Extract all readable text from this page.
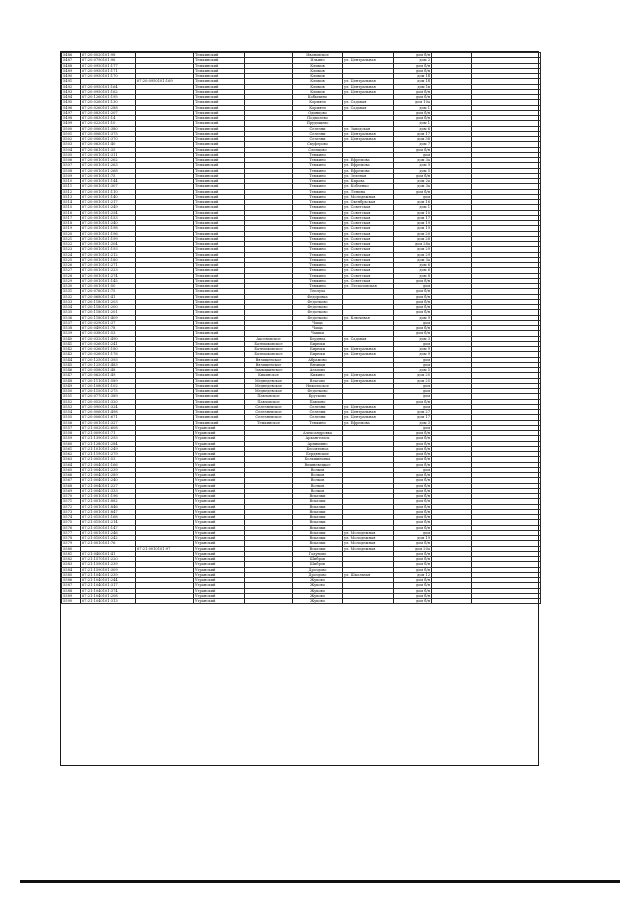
5486	67:20:0020101:98		Темкинский		Ивановское		дом б/н		
5487	67:20:0790101:96		Темкинский		Ильино	ул. Центральная	дом 2		
5488	67:20:0950101:177		Темкинский		Климов		дом б/н		
5489	67:20:0950101:171		Темкинский		Климов		дом б/н		
5490	67:20:0950101:170		Темкинский		Климов		дом 1б		
5491		67:20:0950101:169	Темкинский		Климов	ул. Центральная	дом 1б		
5492	67:20:0950101:164		Темкинский		Климов	ул. Центральная	дом 1в		
5493	67:20:0950101:162		Темкинский		Климов	ул. Центральная	дом б/н		
5494	67:20:1260101:195		Темкинский		Кобылино		дом б/н		
5495	67:20:0260101:130		Темкинский		Кормяги	ул. Садовая	дом 10а		
5496	67:20:0260101:288		Темкинский		Кормяги	ул. Садовая	дом 1		
5497	67:20:0830101:207		Темкинский		Одинцово		дом б/н		
5498	67:20:0830101:14		Темкинский		Подполево		дом б/н		
5499	67:20:0220101:10		Темкинский		Прудищево		дом 1		
5500	67:20:0060101:380		Темкинский		Селезни	ул. Заводская	дом 6		
5501	67:20:0060101:375		Темкинский		Селезни	ул. Центральная	дом 17		
5502	67:20:0060101:370		Темкинский		Селезни	ул. Центральная	дом 38		
5503	67:20:0630101:40		Темкинский		Скуферово		дом 7		
5504	67:20:0610101:35		Темкинский		Слепцово		дом б/н		
5505	67:20:0010101:311		Темкинский		Темкино		дом		
5506	67:20:0010101:262		Темкинский		Темкино	ул. Ефремова	дом 3а		
5507	67:20:0010101:263		Темкинский		Темкино	ул. Ефремова	дом 9		
5508	67:20:0010101:268		Темкинский		Темкино	ул. Ефремова	дом 5		
5509	67:20:0010101:75		Темкинский		Темкино	ул. Зеленая	дом б/н		
5510	67:20:0010101:144		Темкинский		Темкино	ул. Кирова	дом 2а		
5511	67:20:0010101:307		Темкинский		Темкино	ул. Кобзенко	дом 3а		
5512	67:20:0010101:110		Темкинский		Темкино	ул. Ленина	дом б/н		
5513	67:20:0010101:140		Темкинский		Темкино	ул. Молодежная	дом		
5514	67:20:0010101:217		Темкинский		Темкино	ул. Октябрьская	дом 16		
5515	67:20:0010101:249		Темкинский		Темкино	ул. Советская	дом 1		
5516	67:20:0010101:254		Темкинский		Темкино	ул. Советская	дом 10		
5517	67:20:0010101:153		Темкинский		Темкино	ул. Советская	дом 17		
5518	67:20:0010101:240		Темкинский		Темкино	ул. Советская	дом 19		
5519	67:20:0010101:198		Темкинский		Темкино	ул. Советская	дом 19		
5520	67:20:0010101:196		Темкинский		Темкино	ул. Советская	дом 20		
5521	67:20:0010101:199		Темкинский		Темкино	ул. Советская	дом 28		
5522	67:20:0010101:204		Темкинский		Темкино	ул. Советская	дом 28а		
5523	67:20:0010101:193		Темкинский		Темкино	ул. Советская	дом 29		
5524	67:20:0010101:212		Темкинский		Темкино	ул. Советская	дом 29		
5525	67:20:0010101:180		Темкинский		Темкино	ул. Советская	дом 3а		
5526	67:20:0010101:271		Темкинский		Темкино	ул. Советская	дом 6		
5527	67:20:0010101:223		Темкинский		Темкино	ул. Советская	дом 6		
5528	67:20:0010101:274		Темкинский		Темкино	ул. Советская	дом 8		
5529	67:20:0010101:145		Темкинский		Темкино	ул. Советская	дом б/н		
5530	67:20:0010101:50		Темкинский		Темкино	ул. Лесхозовская	дом		
5531	67:20:0760101:75		Темкинский		Теплуха		дом б/н		
5532	67:20:0680101:41		Темкинский		Федоровка		дом б/н		
5533	67:20:1180101:203		Темкинский		Федотково		дом б/н		
5534	67:20:1180101:200		Темкинский		Федотково		дом б/н		
5535	67:20:1180101:201		Темкинский		Федотково		дом б/н		
5536	67:20:1180101:409		Темкинский		Федотково	ул. Ключевая	дом 9		
5537	67:20:0290101:37		Темкинский		Чаща		дом		
5538	67:20:0490101:78		Темкинский		Чаща		дом б/н		
5539	67:20:0380101:53		Темкинский		Чашки		дом б/н		
5540	67:20:0320101:490		Темкинский	Аксеновское	Бердяеа	ул. Садовая	дом 3		
5541	67:20:0260101:241		Темкинский	Батюшковское	Бирюки		дом		
5542	67:20:0260101:180		Темкинский	Батюшковское	Бирюки	ул. Центральная	дом 9		
5543	67:20:0260101:176		Темкинский	Батюшковское	Бирюки	ул. Центральная	дом 9		
5544	67:20:1250101:393		Темкинский	Вязищенское	Абрамово		дом		
5545	67:20:1250101:483		Темкинский	Вязищенское	Вязищи		дом		
5546	67:20:0580101:48		Темкинский	Замыцкинское	Агапово		дом 5		
5547	67:20:0620101:49		Темкинский	Кикинское	Кикино	ул. Центральная	дом 20		
5548	67:20:1110101:589		Темкинский	Медведевское	Власово	ул. Центральная	дом 25		
5549	67:20:1080101:102		Темкинский	Медведевское	Никольское		дом		
5550	67:20:1150101:275		Темкинский	Медведевское	Федотково		дом		
5551	67:20:0770101:389		Темкинский	Павловское	Брусково		дом		
5552	67:20:0520101:320		Темкинский	Павловское	Павлово		дом б/н		
5553	67:20:0900101:324		Темкинский	Селезневское	Селезни	ул. Центральная	дом		
5554	67:20:0060101:498		Темкинский	Селезневское	Селезни	ул. Центральная	дом 27		
5555	67:20:0060101:671		Темкинский	Селезневское	Селезни	ул. Центральная	дом 17		
5556	67:20:0010101:327		Темкинский	Темкинское	Темкино	ул. Ефремова	дом 3		
5557	67:21:0020102:608		Угранский				дом		
5558	67:21:0090101:71		Угранский		Александровка		дом б/н		
5559	67:21:1390101:293		Угранский		Архангельск		дом б/н		
5560	67:21:1280101:284		Угранский		Арнишино		дом б/н		
5561	67:21:1010101:249		Угранский		Бесовтиноа		дом б/н		
5562	67:21:1190101:279		Угранский		Бердянские		дом б/н		
5563	67:21:0050101:53		Угранский		Большиновка		дом б/н		
5564	67:21:0040101:166		Угранский		Вишневецкое		дом б/н		
5565	67:21:0040101:239		Угранский		Волков		дом		
5566	67:21:0040101:289		Угранский		Волков		дом б/н		
5567	67:21:0040101:240		Угранский		Волков		дом б/н		
5568	67:21:0040101:227		Угранский		Волков		дом б/н		
5569	67:21:0040101:333		Угранский		Волков		дом б/н		
5570	67:21:0010101:196		Угранский		Вскачки		дом б/н		
5571	67:21:0010101:882		Угранский		Вскачки		дом б/н		
5572	67:21:0010101:846		Угранский		Вскачки		дом б/н		
5573	67:21:0010101:847		Угранский		Вскачки		дом б/н		
5574	67:21:0150101:168		Угранский		Вскачки		дом б/н		
5575	67:21:0150101:214		Угранский		Вскачки		дом б/н		
5576	67:21:0150101:147		Угранский		Вскачки		дом б/н		
5577	67:21:0010101:246		Угранский		Вскачки	ул. Молодежная	дом		
5578	67:21:0100101:242		Угранский		Вскачки	ул. Молодежная	дом 19		
5579	67:21:0010101:76		Угранский		Вскачки	ул. Молодежная	дом б/н		
5580		67:21:0010101:97	Угранский		Вскачки	ул. Молодежная	дом 20а		
5581	67:21:0400101:41		Угранский		Годуново		дом б/н		
5582	67:21:1570101:220		Угранский		Шибров		дом б/н		
5583	67:21:1590101:239		Угранский		Шибров		дом б/н		
5584	67:21:1590101:309		Угранский		Дроздово		дом б/н		
5585	67:21:1040101:239		Угранский		Дроздово	ул. Школьная	дом 12		
5586	67:21:1040101:244		Угранский		Жуково		дом б/н		
5587	67:21:1040101:317		Угранский		Жуково		дом б/н		
5588	67:21:1040101:374		Угранский		Жуково		дом б/н		
5589	67:21:1040101:208		Угранский		Жуково		дом б/н		
5590	67:21:1040101:313		Угранский		Жуково		дом б/н		
